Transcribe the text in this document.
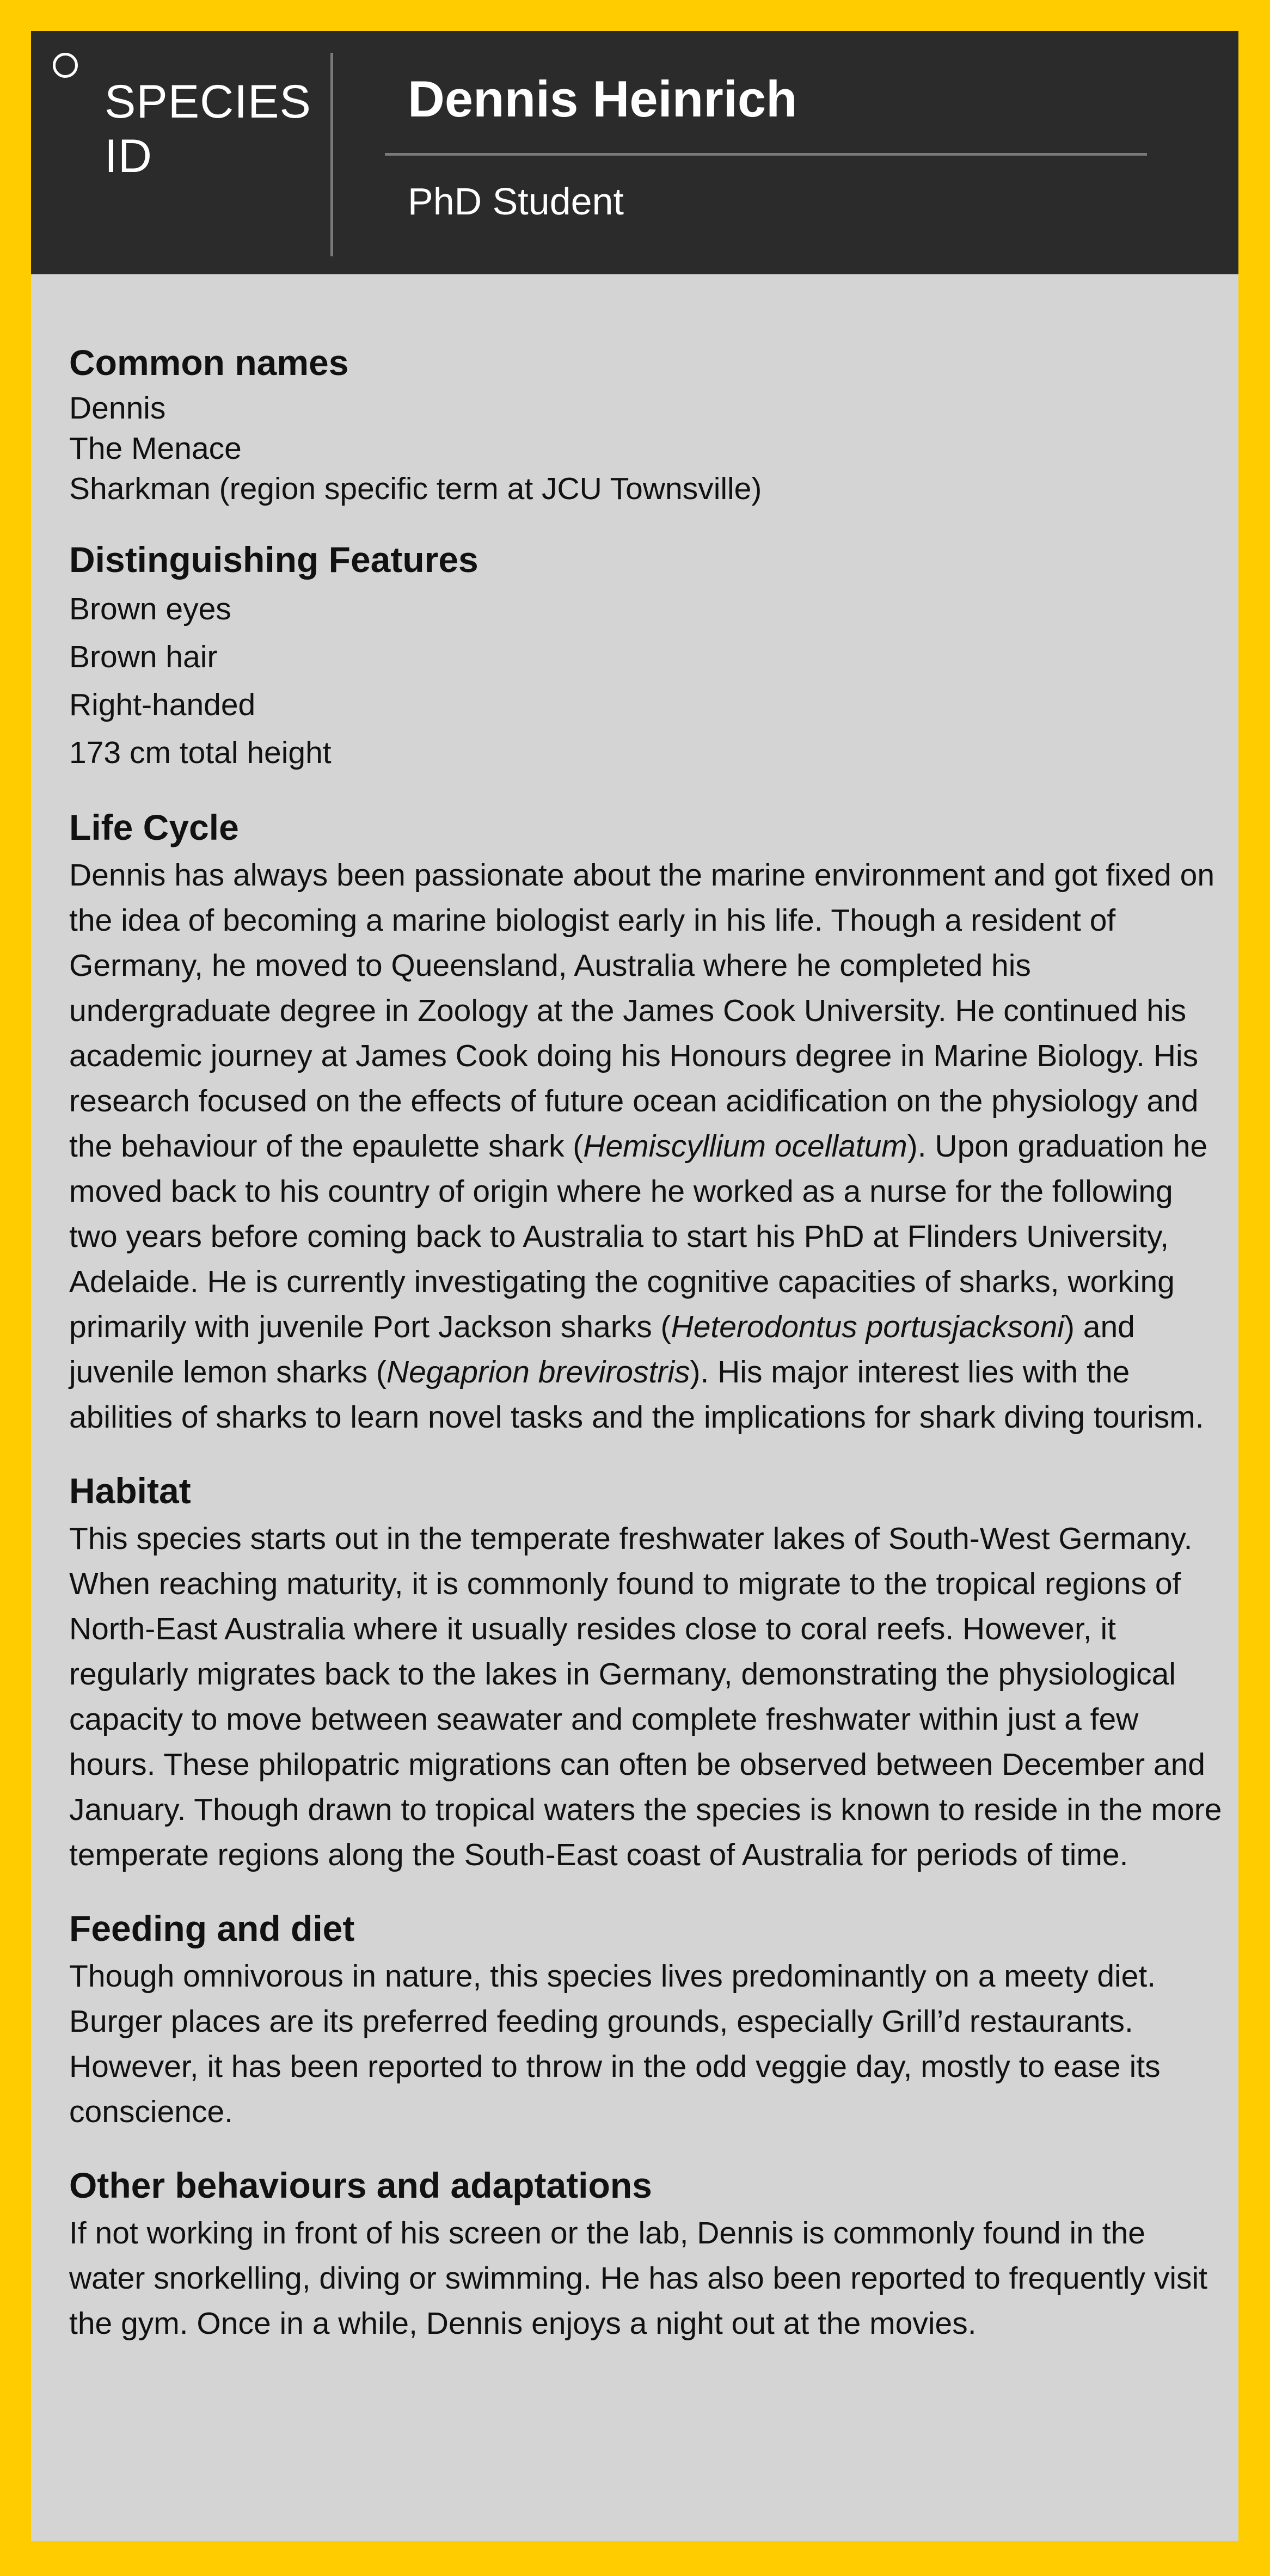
SPECIES
ID
Dennis Heinrich
PhD Student
Common names
Dennis
The Menace
Sharkman (region specific term at JCU Townsville)
Distinguishing Features
Brown eyes
Brown hair
Right-handed
173 cm total height
Life Cycle

Dennis has always been passionate about the marine environment and got fixed on the idea of becoming a marine biologist early in his life. Though a resident of Germany, he moved to Queensland, Australia where he completed his undergraduate degree in Zoology at the James Cook University. He continued his academic journey at James Cook doing his Honours degree in Marine Biology. His research focused on the effects of future ocean acidification on the physiology and the behaviour of the epaulette shark (Hemiscyllium ocellatum). Upon graduation he moved back to his country of origin where he worked as a nurse for the following two years before coming back to Australia to start his PhD at Flinders University, Adelaide. He is currently investigating the cognitive capacities of sharks, working primarily with juvenile Port Jackson sharks (Heterodontus portusjacksoni) and juvenile lemon sharks (Negaprion brevirostris). His major interest lies with the abilities of sharks to learn novel tasks and the implications for shark diving tourism.

Habitat

This species starts out in the temperate freshwater lakes of South-West Germany. When reaching maturity, it is commonly found to migrate to the tropical regions of North-East Australia where it usually resides close to coral reefs. However, it regularly migrates back to the lakes in Germany, demonstrating the physiological capacity to move between seawater and complete freshwater within just a few hours. These philopatric migrations can often be observed between December and January. Though drawn to tropical waters the species is known to reside in the more temperate regions along the South-East coast of Australia for periods of time.

Feeding and diet

Though omnivorous in nature, this species lives predominantly on a meety diet. Burger places are its preferred feeding grounds, especially Grill’d restaurants. However, it has been reported to throw in the odd veggie day, mostly to ease its conscience.

Other behaviours and adaptations

If not working in front of his screen or the lab, Dennis is commonly found in the water snorkelling, diving or swimming. He has also been reported to frequently visit the gym. Once in a while, Dennis enjoys a night out at the movies.
